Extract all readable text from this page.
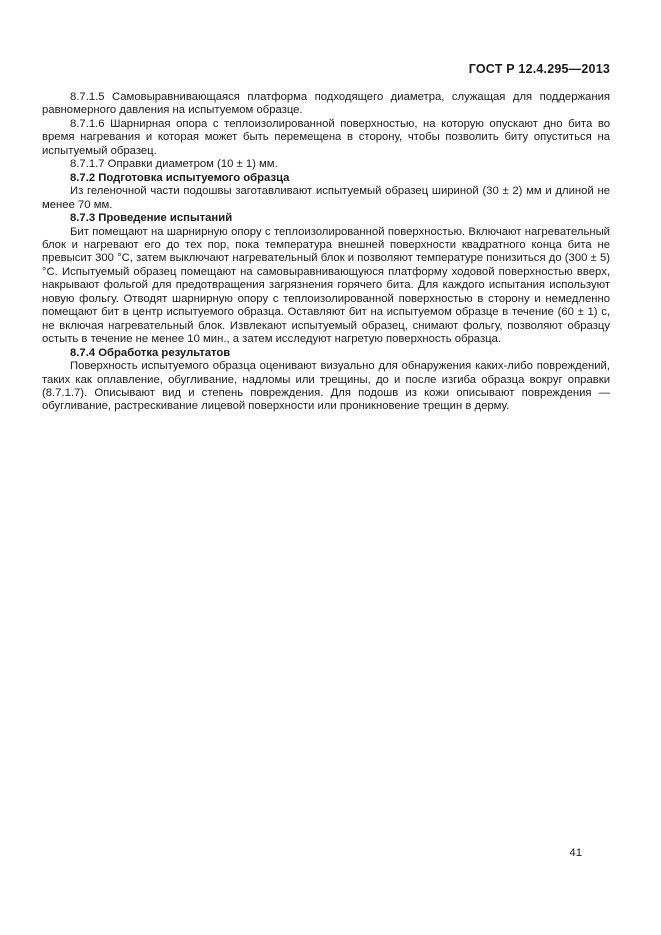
ГОСТ Р 12.4.295—2013

8.7.1.5 Самовыравнивающаяся платформа подходящего диаметра, служащая для поддержания равномерного давления на испытуемом образце.

8.7.1.6 Шарнирная опора с теплоизолированной поверхностью, на которую опускают дно бита во время нагревания и которая может быть перемещена в сторону, чтобы позволить биту опуститься на испытуемый образец.

8.7.1.7 Оправки диаметром (10 ± 1) мм.

8.7.2 Подготовка испытуемого образца

Из геленочной части подошвы заготавливают испытуемый образец шириной (30 ± 2) мм и длиной не менее 70 мм.

8.7.3 Проведение испытаний

Бит помещают на шарнирную опору с теплоизолированной поверхностью. Включают нагревательный блок и нагревают его до тех пор, пока температура внешней поверхности квадратного конца бита не превысит 300 °С, затем выключают нагревательный блок и позволяют температуре понизиться до (300 ± 5) °С. Испытуемый образец помещают на самовыравнивающуюся платформу ходовой поверхностью вверх, накрывают фольгой для предотвращения загрязнения горячего бита. Для каждого испытания используют новую фольгу. Отводят шарнирную опору с теплоизолированной поверхностью в сторону и немедленно помещают бит в центр испытуемого образца. Оставляют бит на испытуемом образце в течение (60 ± 1) с, не включая нагревательный блок. Извлекают испытуемый образец, снимают фольгу, позволяют образцу остыть в течение не менее 10 мин., а затем исследуют нагретую поверхность образца.

8.7.4 Обработка результатов

Поверхность испытуемого образца оценивают визуально для обнаружения каких-либо повреждений, таких как оплавление, обугливание, надломы или трещины, до и после изгиба образца вокруг оправки (8.7.1.7). Описывают вид и степень повреждения. Для подошв из кожи описывают повреждения — обугливание, растрескивание лицевой поверхности или проникновение трещин в дерму.

41
